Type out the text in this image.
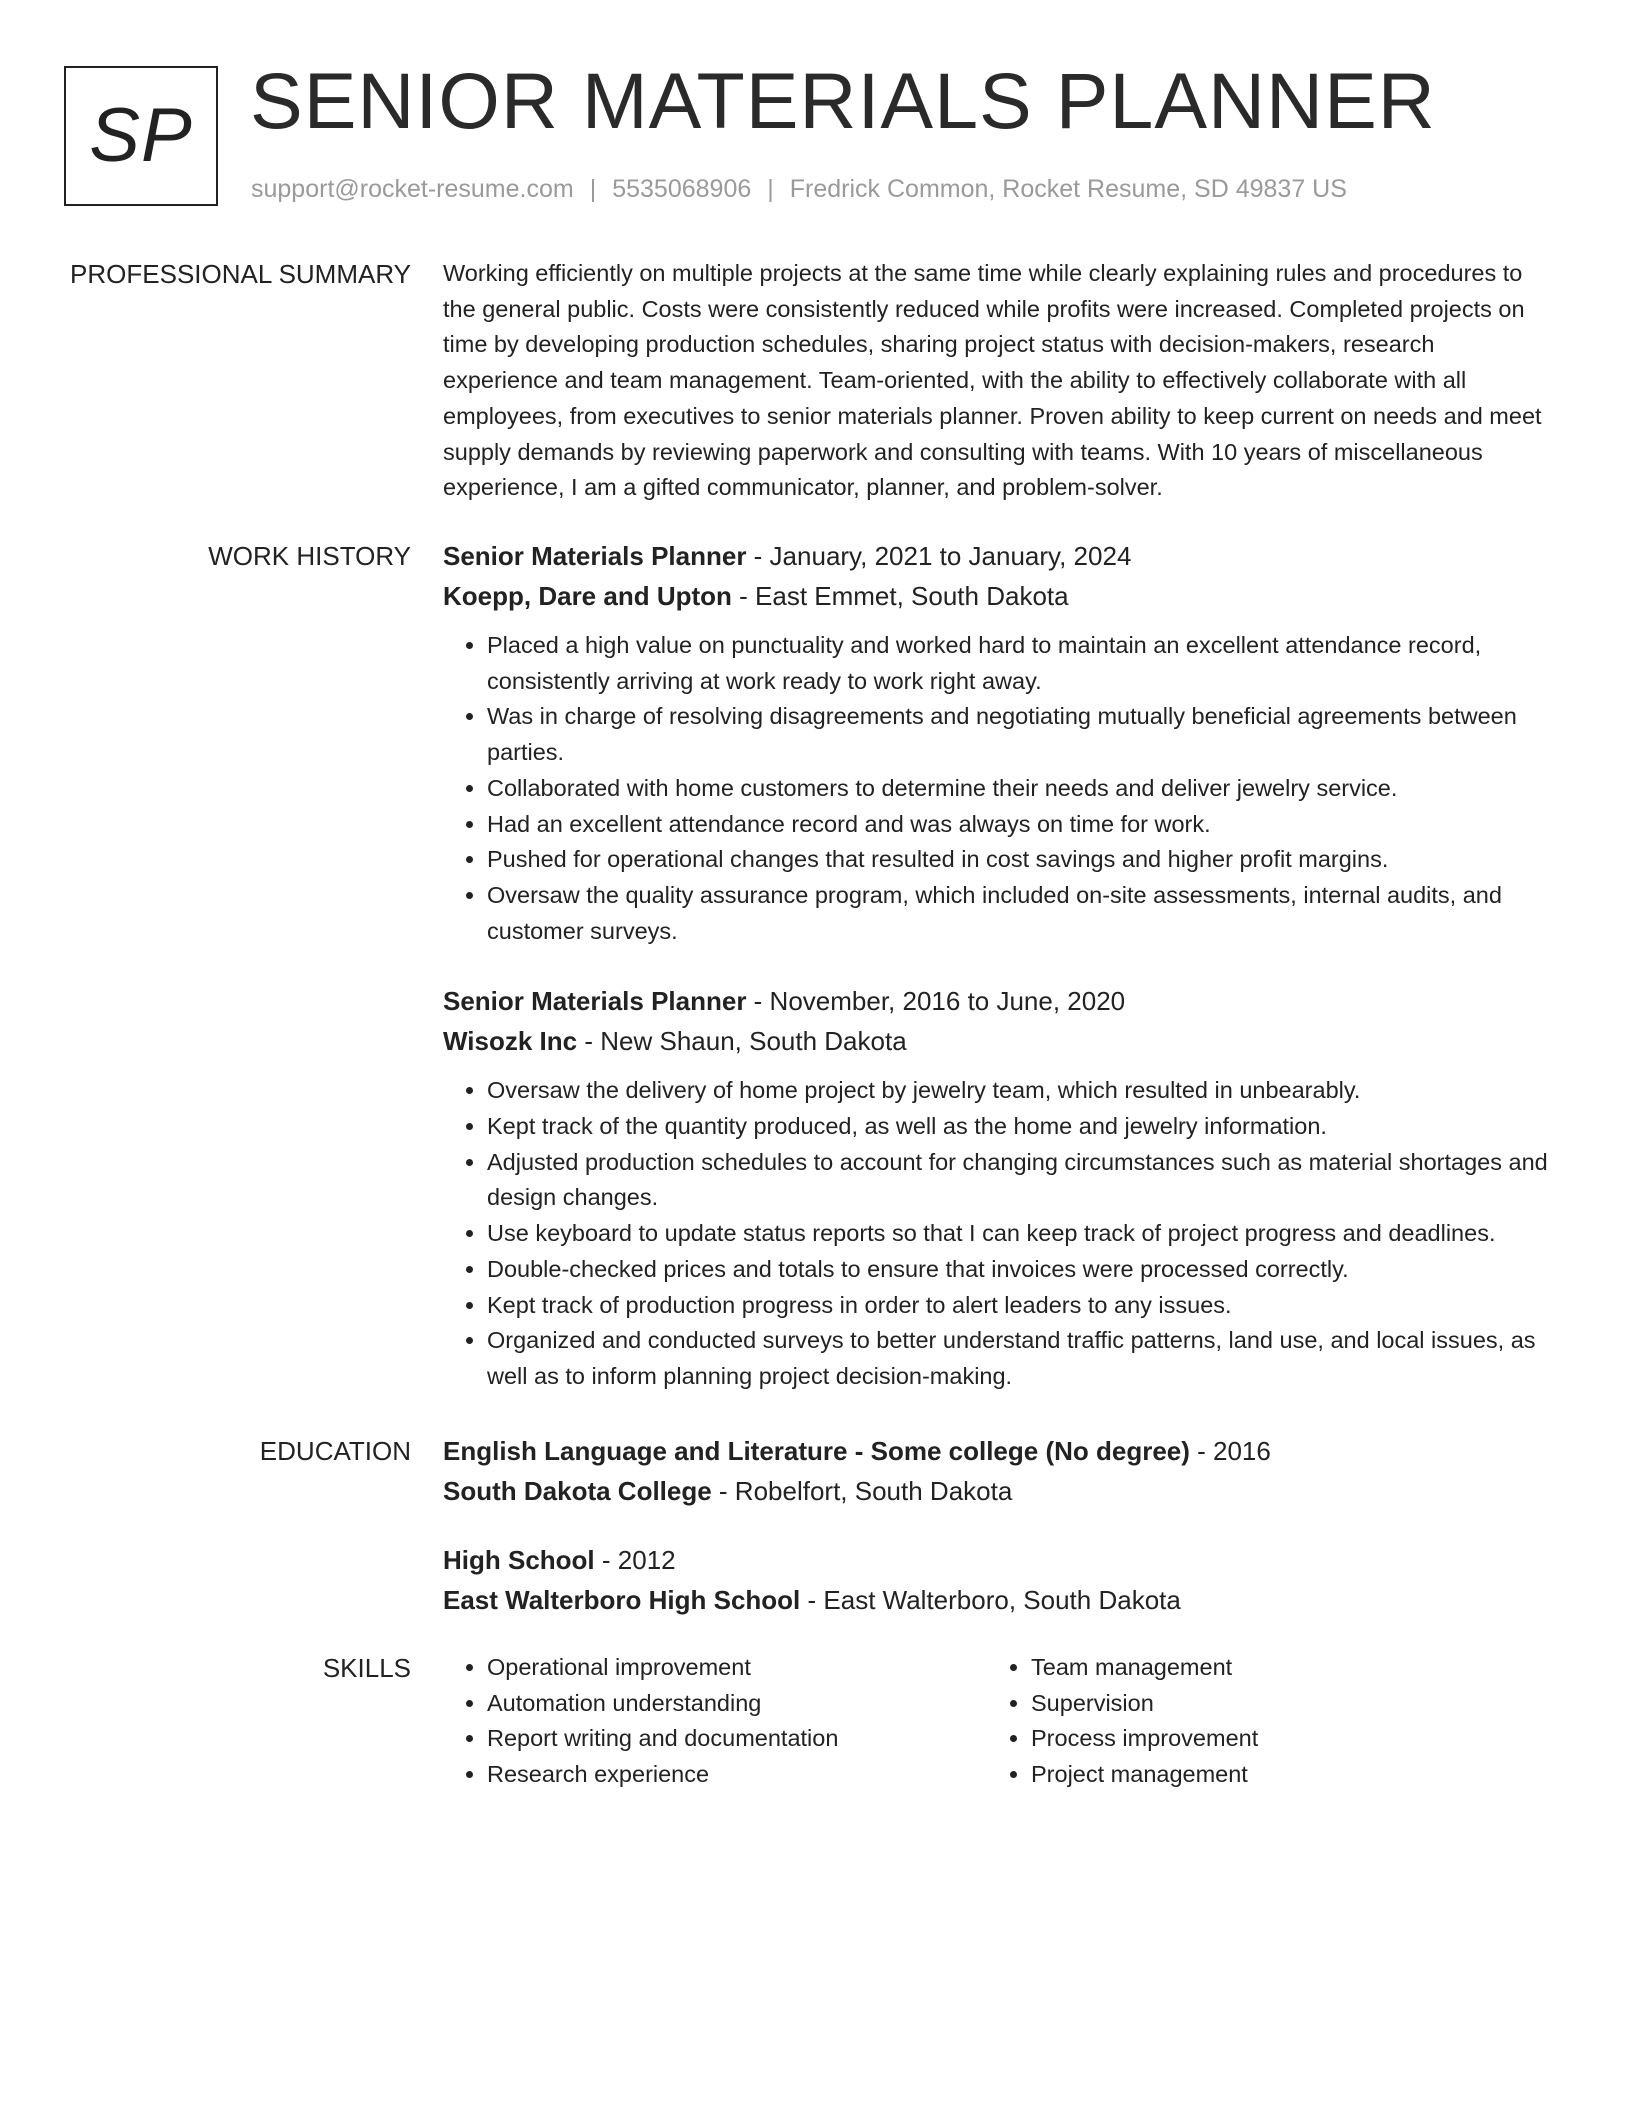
SP SENIOR MATERIALS PLANNER
support@rocket-resume.com | 5535068906 | Fredrick Common, Rocket Resume, SD 49837 US
PROFESSIONAL SUMMARY Working efficiently on multiple projects at the same time while clearly explaining rules and procedures to the general public. Costs were consistently reduced while profits were increased. Completed projects on time by developing production schedules, sharing project status with decision-makers, research experience and team management. Team-oriented, with the ability to effectively collaborate with all employees, from executives to senior materials planner. Proven ability to keep current on needs and meet supply demands by reviewing paperwork and consulting with teams. With 10 years of miscellaneous experience, I am a gifted communicator, planner, and problem-solver.

WORK HISTORY Senior Materials Planner - January, 2021 to January, 2024
Koepp, Dare and Upton - East Emmet, South Dakota
• Placed a high value on punctuality and worked hard to maintain an excellent attendance record, consistently arriving at work ready to work right away.
• Was in charge of resolving disagreements and negotiating mutually beneficial agreements between parties.
• Collaborated with home customers to determine their needs and deliver jewelry service.
• Had an excellent attendance record and was always on time for work.
• Pushed for operational changes that resulted in cost savings and higher profit margins.
• Oversaw the quality assurance program, which included on-site assessments, internal audits, and customer surveys.
Senior Materials Planner - November, 2016 to June, 2020
Wisozk Inc - New Shaun, South Dakota
• Oversaw the delivery of home project by jewelry team, which resulted in unbearably.
• Kept track of the quantity produced, as well as the home and jewelry information.
• Adjusted production schedules to account for changing circumstances such as material shortages and design changes.
• Use keyboard to update status reports so that I can keep track of project progress and deadlines.
• Double-checked prices and totals to ensure that invoices were processed correctly.
• Kept track of production progress in order to alert leaders to any issues.
• Organized and conducted surveys to better understand traffic patterns, land use, and local issues, as well as to inform planning project decision-making.
EDUCATION English Language and Literature - Some college (No degree) - 2016
South Dakota College - Robelfort, South Dakota
High School - 2012
East Walterboro High School - East Walterboro, South Dakota
SKILLS
•	Operational improvement
• Automation understanding
• Report writing and documentation
• Research experience
• Team management
• Supervision
• Process improvement
• Project management
